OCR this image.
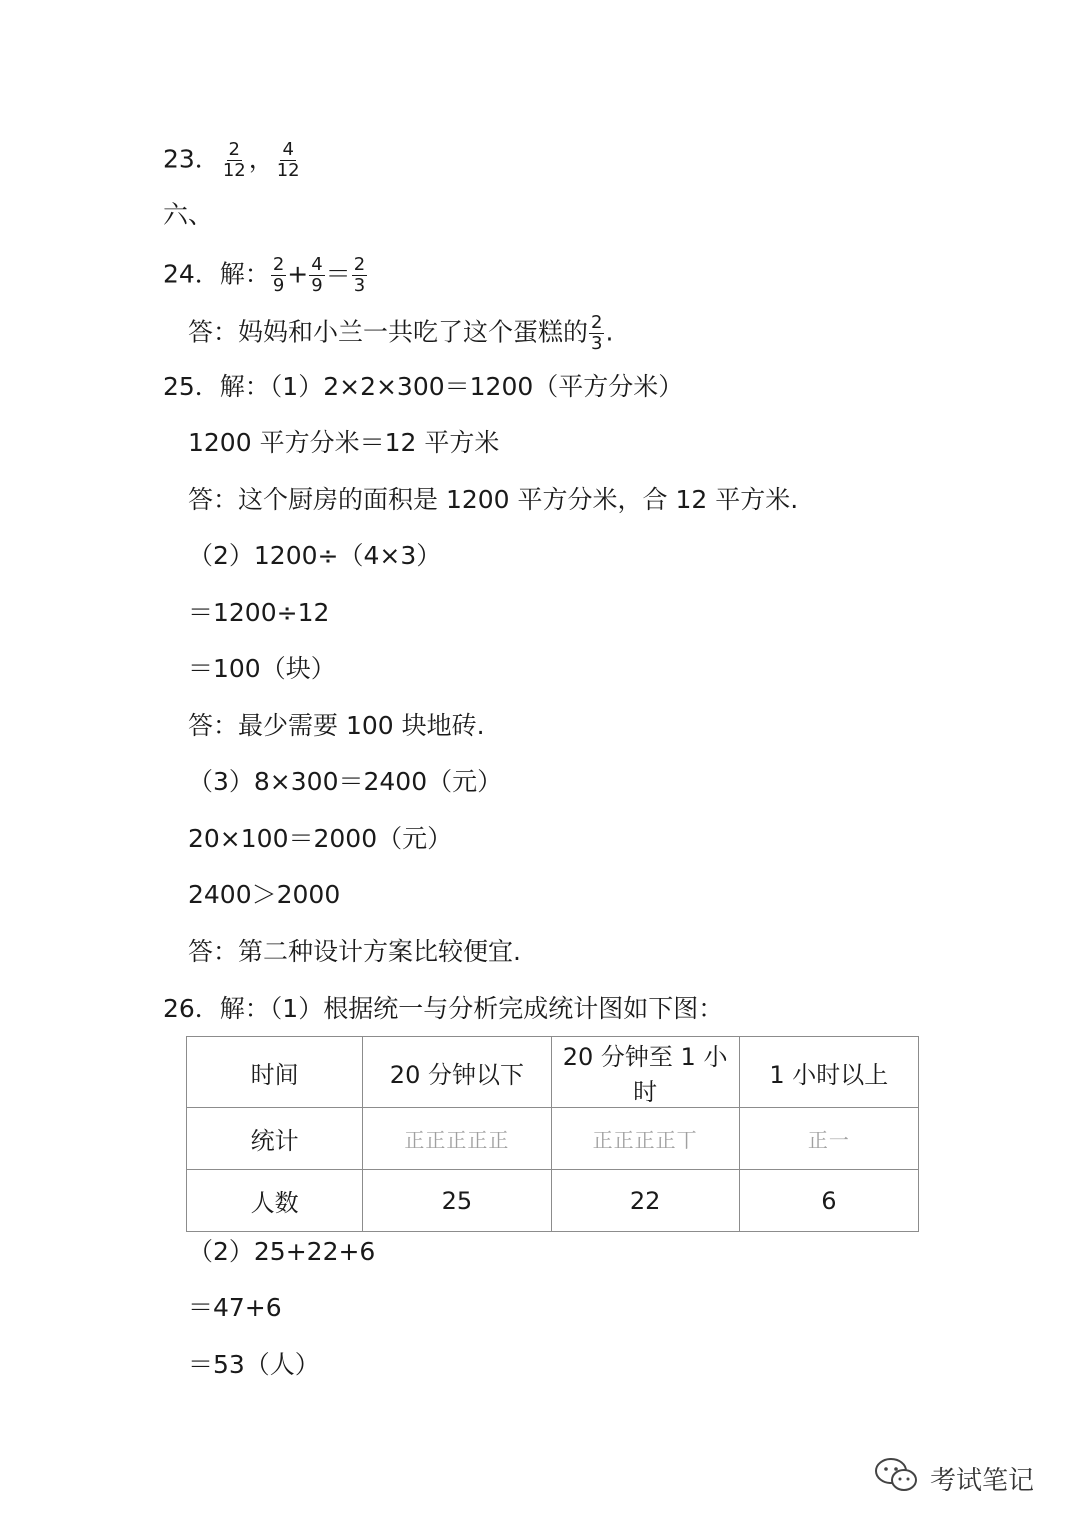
23． $\frac{2}{12}$ ， $\frac{4}{12}$
六、
24．解： $\frac{2}{9} + \frac{4}{9} = \frac{2}{3}$
答：妈妈和小兰一共吃了这个蛋糕的 $\frac{2}{3}$ .
25．解：（1）2×2×300＝1200（平方分米）
1200 平方分米＝12 平方米
答：这个厨房的面积是 1200 平方分米，合 12 平方米.
（2）1200÷（4×3）
＝1200÷12
＝100（块）
答：最少需要 100 块地砖.
（3）8×300＝2400（元）
20×100＝2000（元）
2400＞2000
答：第二种设计方案比较便宜.
26．解：（1）根据统一与分析完成统计图如下图：
时间	20 分钟以下	20 分钟至 1 小时	1 小时以上
统计	正正正正正	正正正正丅	正一
人数	25	22	6
（2）25+22+6
＝47+6
＝53（人）
考试笔记
